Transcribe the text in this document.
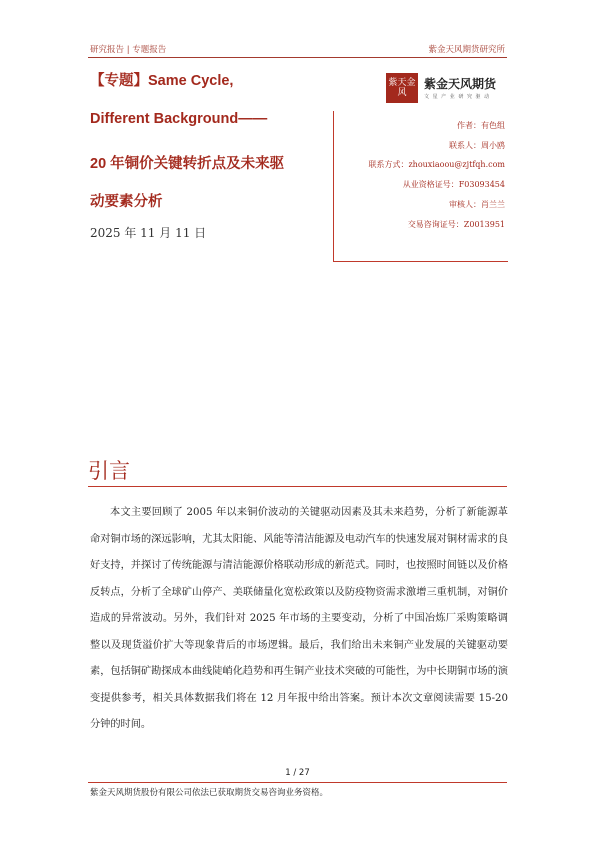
研究报告 | 专题报告	紫金天风期货研究所
【专题】Same Cycle,
Different Background——
20 年铜价关键转折点及未来驱
动要素分析
2025 年 11 月 11 日
紫天金风
紫金天风期货
文 星 产 业 研 究 驱 动
作者：有色组
联系人：周小鸥
联系方式：zhouxiaoou@zjtfqh.com
从业资格证号：F03093454
审核人：肖兰兰
交易咨询证号：Z0013951
引言

本文主要回顾了 2005 年以来铜价波动的关键驱动因素及其未来趋势，分析了新能源革命对铜市场的深远影响，尤其太阳能、风能等清洁能源及电动汽车的快速发展对铜材需求的良好支持，并探讨了传统能源与清洁能源价格联动形成的新范式。同时，也按照时间链以及价格反转点，分析了全球矿山停产、美联储量化宽松政策以及防疫物资需求激增三重机制，对铜价造成的异常波动。另外，我们针对 2025 年市场的主要变动，分析了中国冶炼厂采购策略调整以及现货溢价扩大等现象背后的市场逻辑。最后，我们给出未来铜产业发展的关键驱动要素，包括铜矿勘探成本曲线陡峭化趋势和再生铜产业技术突破的可能性，为中长期铜市场的演变提供参考，相关具体数据我们将在 12 月年报中给出答案。预计本次文章阅读需要 15-20 分钟的时间。

1 / 27
紫金天风期货股份有限公司依法已获取期货交易咨询业务资格。
